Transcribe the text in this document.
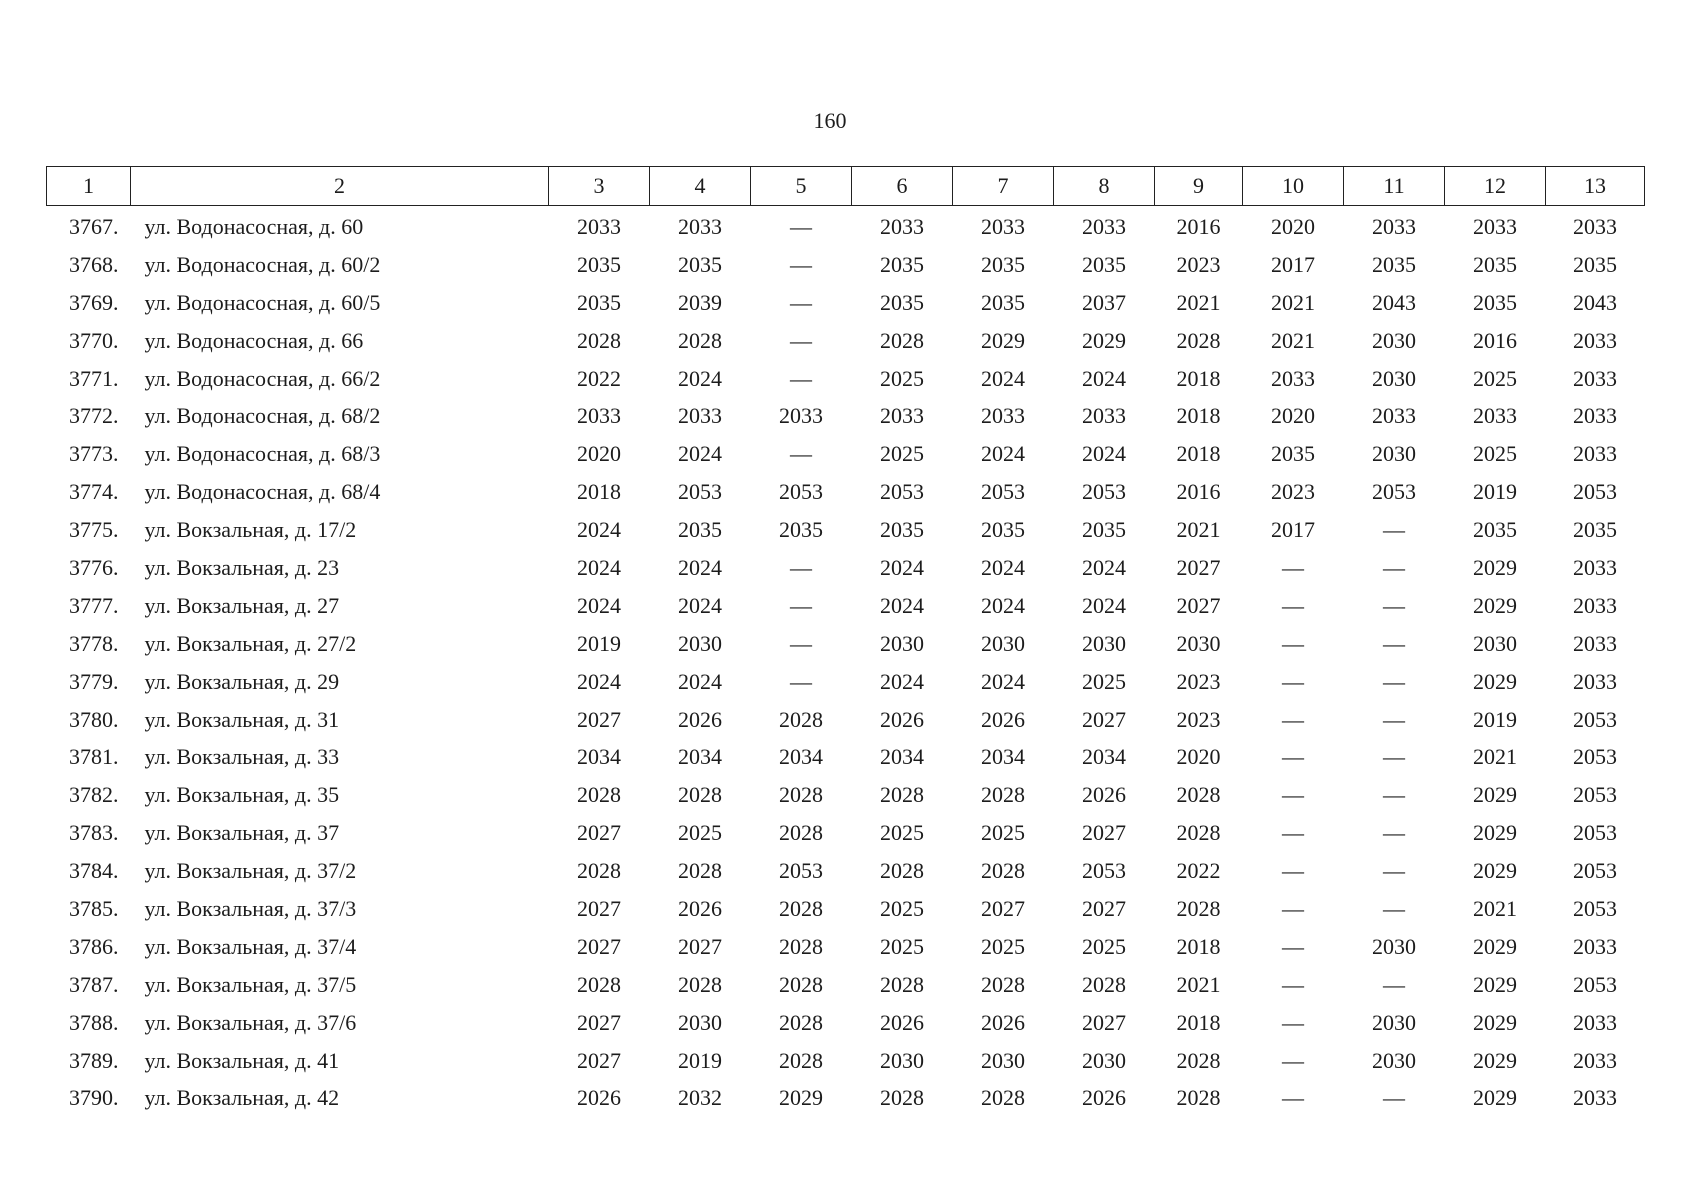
160
1	2	3	4	5	6	7	8	9	10	11	12	13
3767.	ул. Водонасосная, д. 60	2033	2033	—	2033	2033	2033	2016	2020	2033	2033	2033
3768.	ул. Водонасосная, д. 60/2	2035	2035	—	2035	2035	2035	2023	2017	2035	2035	2035
3769.	ул. Водонасосная, д. 60/5	2035	2039	—	2035	2035	2037	2021	2021	2043	2035	2043
3770.	ул. Водонасосная, д. 66	2028	2028	—	2028	2029	2029	2028	2021	2030	2016	2033
3771.	ул. Водонасосная, д. 66/2	2022	2024	—	2025	2024	2024	2018	2033	2030	2025	2033
3772.	ул. Водонасосная, д. 68/2	2033	2033	2033	2033	2033	2033	2018	2020	2033	2033	2033
3773.	ул. Водонасосная, д. 68/3	2020	2024	—	2025	2024	2024	2018	2035	2030	2025	2033
3774.	ул. Водонасосная, д. 68/4	2018	2053	2053	2053	2053	2053	2016	2023	2053	2019	2053
3775.	ул. Вокзальная, д. 17/2	2024	2035	2035	2035	2035	2035	2021	2017	—	2035	2035
3776.	ул. Вокзальная, д. 23	2024	2024	—	2024	2024	2024	2027	—	—	2029	2033
3777.	ул. Вокзальная, д. 27	2024	2024	—	2024	2024	2024	2027	—	—	2029	2033
3778.	ул. Вокзальная, д. 27/2	2019	2030	—	2030	2030	2030	2030	—	—	2030	2033
3779.	ул. Вокзальная, д. 29	2024	2024	—	2024	2024	2025	2023	—	—	2029	2033
3780.	ул. Вокзальная, д. 31	2027	2026	2028	2026	2026	2027	2023	—	—	2019	2053
3781.	ул. Вокзальная, д. 33	2034	2034	2034	2034	2034	2034	2020	—	—	2021	2053
3782.	ул. Вокзальная, д. 35	2028	2028	2028	2028	2028	2026	2028	—	—	2029	2053
3783.	ул. Вокзальная, д. 37	2027	2025	2028	2025	2025	2027	2028	—	—	2029	2053
3784.	ул. Вокзальная, д. 37/2	2028	2028	2053	2028	2028	2053	2022	—	—	2029	2053
3785.	ул. Вокзальная, д. 37/3	2027	2026	2028	2025	2027	2027	2028	—	—	2021	2053
3786.	ул. Вокзальная, д. 37/4	2027	2027	2028	2025	2025	2025	2018	—	2030	2029	2033
3787.	ул. Вокзальная, д. 37/5	2028	2028	2028	2028	2028	2028	2021	—	—	2029	2053
3788.	ул. Вокзальная, д. 37/6	2027	2030	2028	2026	2026	2027	2018	—	2030	2029	2033
3789.	ул. Вокзальная, д. 41	2027	2019	2028	2030	2030	2030	2028	—	2030	2029	2033
3790.	ул. Вокзальная, д. 42	2026	2032	2029	2028	2028	2026	2028	—	—	2029	2033
